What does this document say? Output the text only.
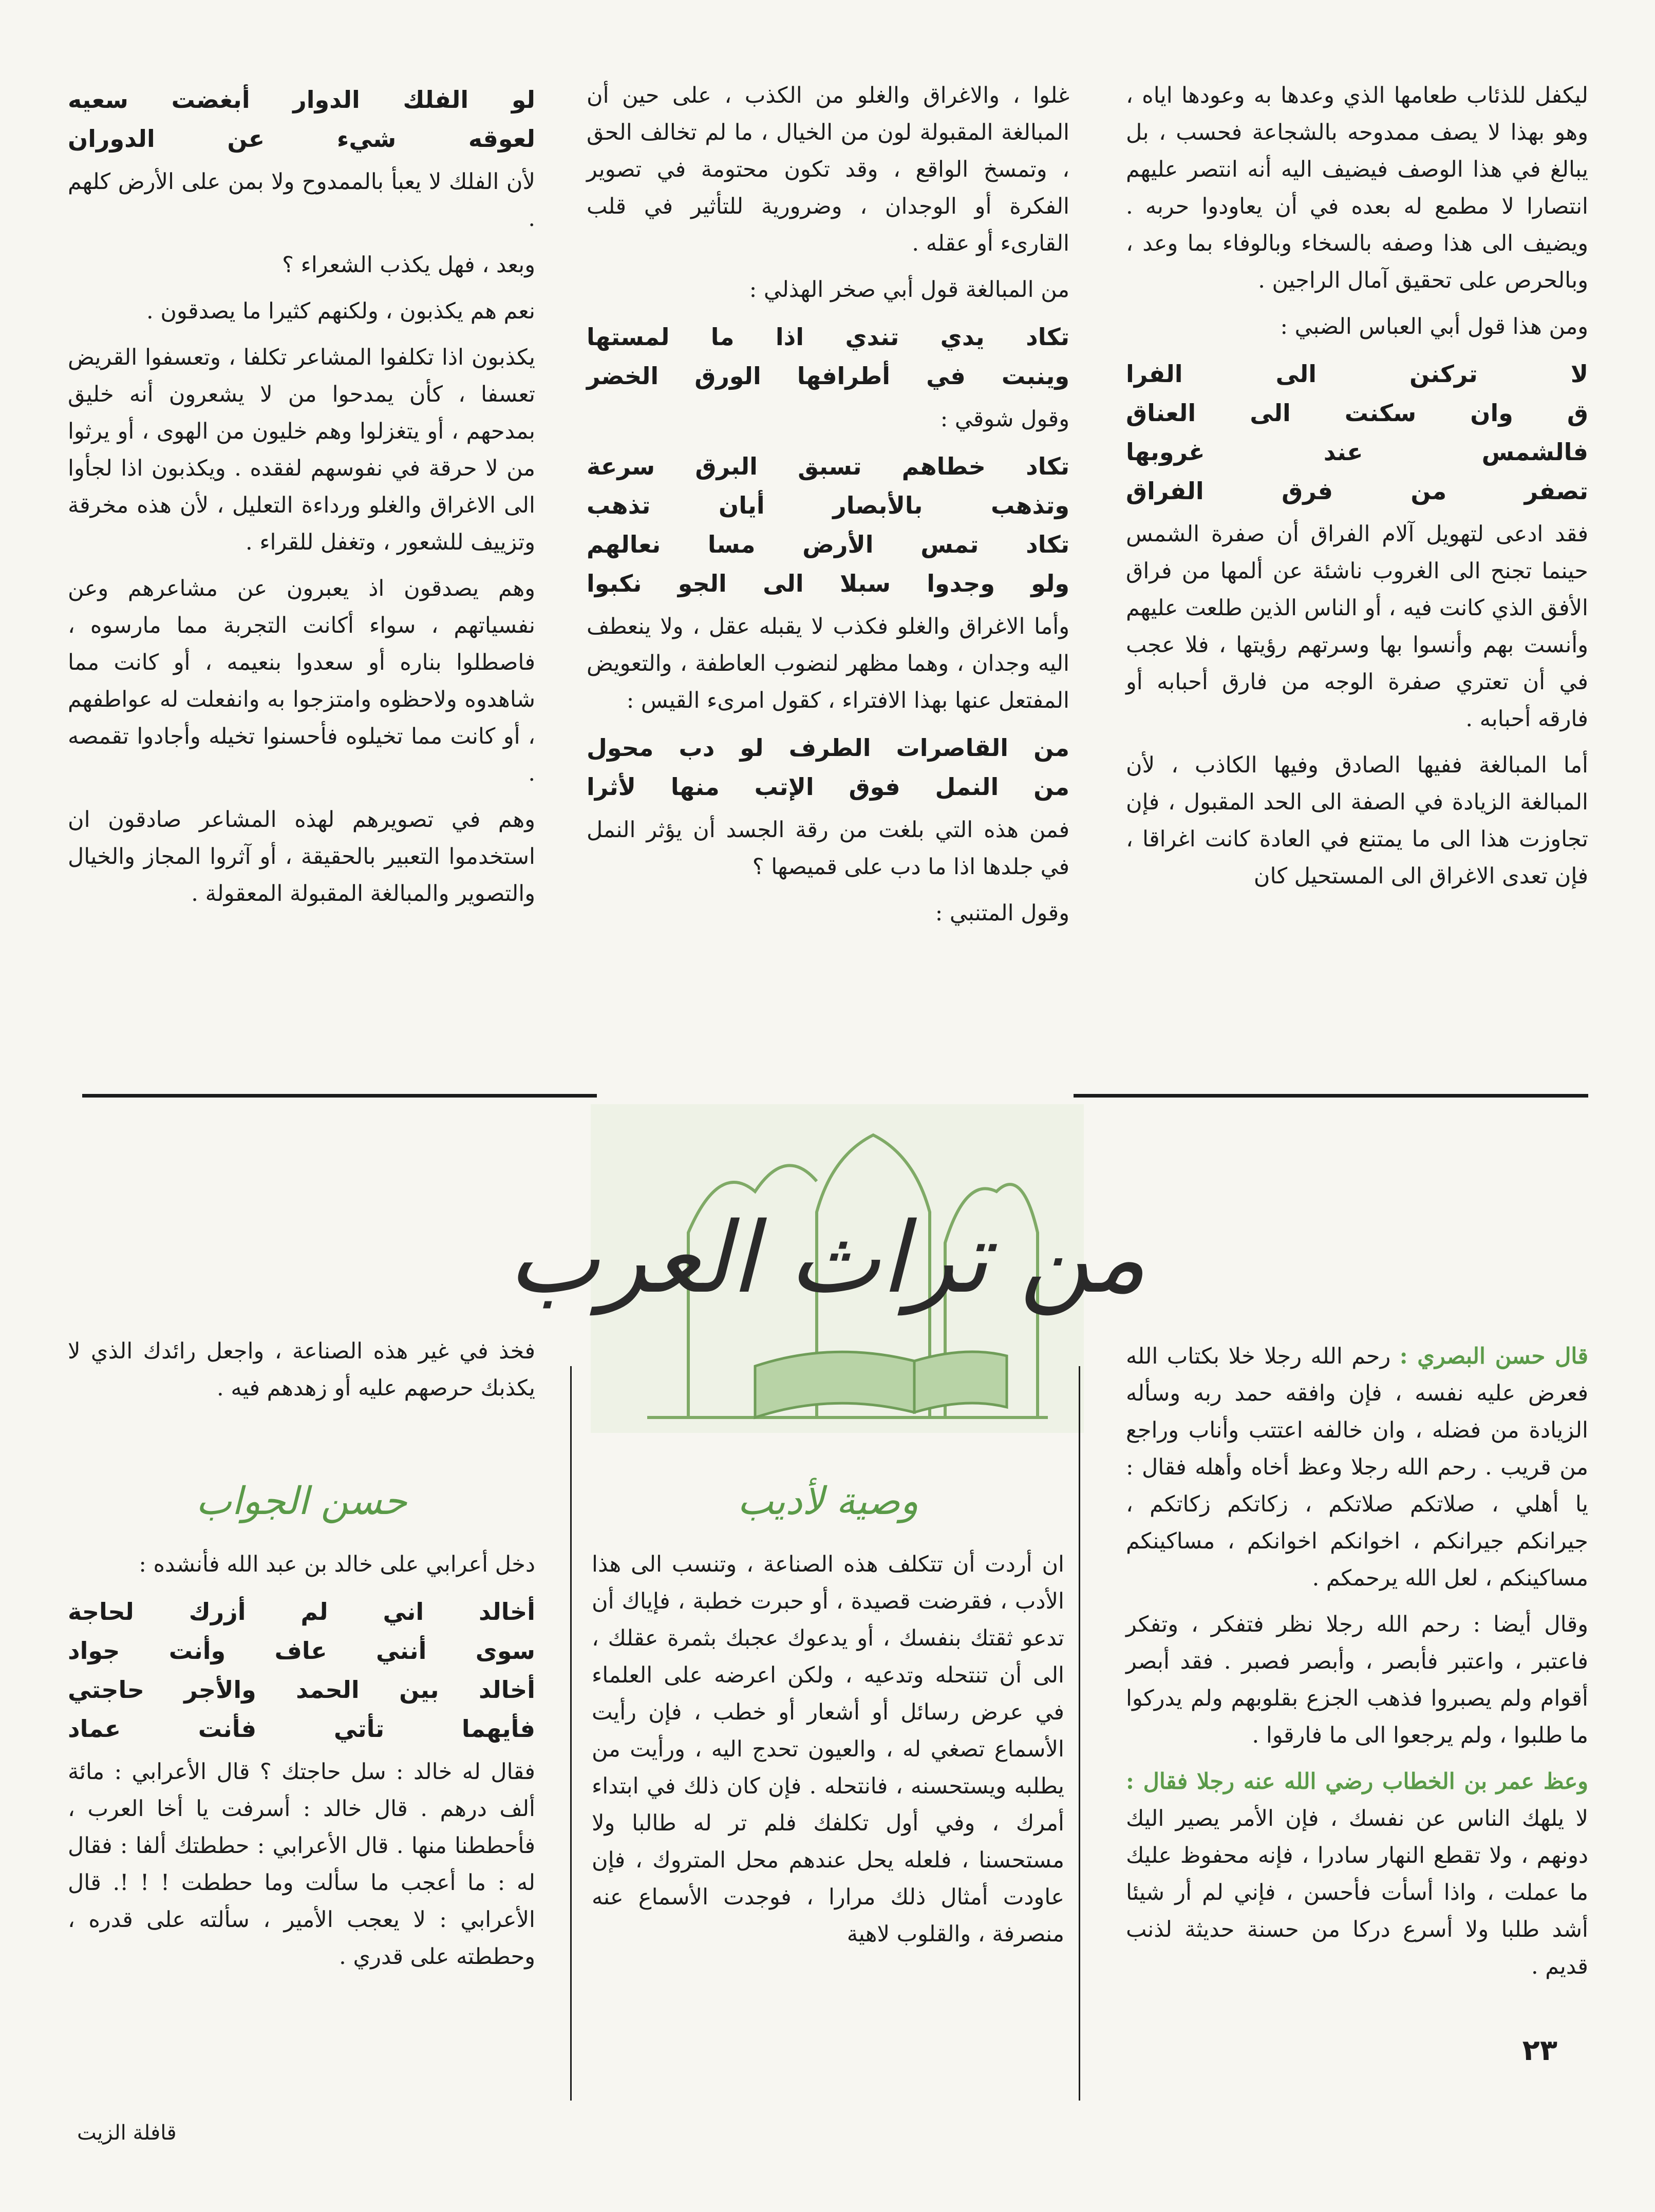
ليكفل للذئاب طعامها الذي وعدها به وعودها اياه ، وهو بهذا لا يصف ممدوحه بالشجاعة فحسب ، بل يبالغ في هذا الوصف فيضيف اليه أنه انتصر عليهم انتصارا لا مطمع له بعده في أن يعاودوا حربه . ويضيف الى هذا وصفه بالسخاء وبالوفاء بما وعد ، وبالحرص على تحقيق آمال الراجين .

ومن هذا قول أبي العباس الضبي :

لا تركنن الى الفرا
ق وان سكنت الى العناق
فالشمس عند غروبها
تصفر من فرق الفراق

فقد ادعى لتهويل آلام الفراق أن صفرة الشمس حينما تجنح الى الغروب ناشئة عن ألمها من فراق الأفق الذي كانت فيه ، أو الناس الذين طلعت عليهم وأنست بهم وأنسوا بها وسرتهم رؤيتها ، فلا عجب في أن تعتري صفرة الوجه من فارق أحبابه أو فارقه أحبابه .

أما المبالغة ففيها الصادق وفيها الكاذب ، لأن المبالغة الزيادة في الصفة الى الحد المقبول ، فإن تجاوزت هذا الى ما يمتنع في العادة كانت اغراقا ، فإن تعدى الاغراق الى المستحيل كان

غلوا ، والاغراق والغلو من الكذب ، على حين أن المبالغة المقبولة لون من الخيال ، ما لم تخالف الحق ، وتمسخ الواقع ، وقد تكون محتومة في تصوير الفكرة أو الوجدان ، وضرورية للتأثير في قلب القارىء أو عقله .

من المبالغة قول أبي صخر الهذلي :

تكاد يدي تندي اذا ما لمستها
وينبت في أطرافها الورق الخضر

وقول شوقي :

تكاد خطاهم تسبق البرق سرعة
وتذهب بالأبصار أيان تذهب
تكاد تمس الأرض مسا نعالهم
ولو وجدوا سبلا الى الجو نكبوا

وأما الاغراق والغلو فكذب لا يقبله عقل ، ولا ينعطف اليه وجدان ، وهما مظهر لنضوب العاطفة ، والتعويض المفتعل عنها بهذا الافتراء ، كقول امرىء القيس :

من القاصرات الطرف لو دب محول
من النمل فوق الإتب منها لأثرا

فمن هذه التي بلغت من رقة الجسد أن يؤثر النمل في جلدها اذا ما دب على قميصها ؟

وقول المتنبي :

لو الفلك الدوار أبغضت سعيه
لعوقه شيء عن الدوران

لأن الفلك لا يعبأ بالممدوح ولا بمن على الأرض كلهم .

وبعد ، فهل يكذب الشعراء ؟

نعم هم يكذبون ، ولكنهم كثيرا ما يصدقون .

يكذبون اذا تكلفوا المشاعر تكلفا ، وتعسفوا القريض تعسفا ، كأن يمدحوا من لا يشعرون أنه خليق بمدحهم ، أو يتغزلوا وهم خليون من الهوى ، أو يرثوا من لا حرقة في نفوسهم لفقده . ويكذبون اذا لجأوا الى الاغراق والغلو ورداءة التعليل ، لأن هذه مخرقة وتزييف للشعور ، وتغفل للقراء .

وهم يصدقون اذ يعبرون عن مشاعرهم وعن نفسياتهم ، سواء أكانت التجربة مما مارسوه ، فاصطلوا بناره أو سعدوا بنعيمه ، أو كانت مما شاهدوه ولاحظوه وامتزجوا به وانفعلت له عواطفهم ، أو كانت مما تخيلوه فأحسنوا تخيله وأجادوا تقمصه .

وهم في تصويرهم لهذه المشاعر صادقون ان استخدموا التعبير بالحقيقة ، أو آثروا المجاز والخيال والتصوير والمبالغة المقبولة المعقولة .

من تراث العرب

قال حسن البصري : رحم الله رجلا خلا بكتاب الله فعرض عليه نفسه ، فإن وافقه حمد ربه وسأله الزيادة من فضله ، وان خالفه اعتتب وأناب وراجع من قريب . رحم الله رجلا وعظ أخاه وأهله فقال : يا أهلي ، صلاتكم صلاتكم ، زكاتكم زكاتكم ، جيرانكم جيرانكم ، اخوانكم اخوانكم ، مساكينكم مساكينكم ، لعل الله يرحمكم .

وقال أيضا : رحم الله رجلا نظر فتفكر ، وتفكر فاعتبر ، واعتبر فأبصر ، وأبصر فصبر . فقد أبصر أقوام ولم يصبروا فذهب الجزع بقلوبهم ولم يدركوا ما طلبوا ، ولم يرجعوا الى ما فارقوا .

وعظ عمر بن الخطاب رضي الله عنه رجلا فقال : لا يلهك الناس عن نفسك ، فإن الأمر يصير اليك دونهم ، ولا تقطع النهار سادرا ، فإنه محفوظ عليك ما عملت ، واذا أسأت فأحسن ، فإني لم أر شيئا أشد طلبا ولا أسرع دركا من حسنة حديثة لذنب قديم .

وصية لأديب

ان أردت أن تتكلف هذه الصناعة ، وتنسب الى هذا الأدب ، فقرضت قصيدة ، أو حبرت خطبة ، فإياك أن تدعو ثقتك بنفسك ، أو يدعوك عجبك بثمرة عقلك ، الى أن تنتحله وتدعيه ، ولكن اعرضه على العلماء في عرض رسائل أو أشعار أو خطب ، فإن رأيت الأسماع تصغي له ، والعيون تحدج اليه ، ورأيت من يطلبه ويستحسنه ، فانتحله . فإن كان ذلك في ابتداء أمرك ، وفي أول تكلفك فلم تر له طالبا ولا مستحسنا ، فلعله يحل عندهم محل المتروك ، فإن عاودت أمثال ذلك مرارا ، فوجدت الأسماع عنه منصرفة ، والقلوب لاهية

فخذ في غير هذه الصناعة ، واجعل رائدك الذي لا يكذبك حرصهم عليه أو زهدهم فيه .

حسن الجواب

دخل أعرابي على خالد بن عبد الله فأنشده :

أخالد اني لم أزرك لحاجة
سوى أنني عاف وأنت جواد
أخالد بين الحمد والأجر حاجتي
فأيهما تأتي فأنت عماد

فقال له خالد : سل حاجتك ؟ قال الأعرابي : مائة ألف درهم . قال خالد : أسرفت يا أخا العرب ، فأحططنا منها . قال الأعرابي : حططتك ألفا : فقال له : ما أعجب ما سألت وما حططت ! ! !. قال الأعرابي : لا يعجب الأمير ، سألته على قدره ، وحططته على قدري .

٢٣
قافلة الزيت
